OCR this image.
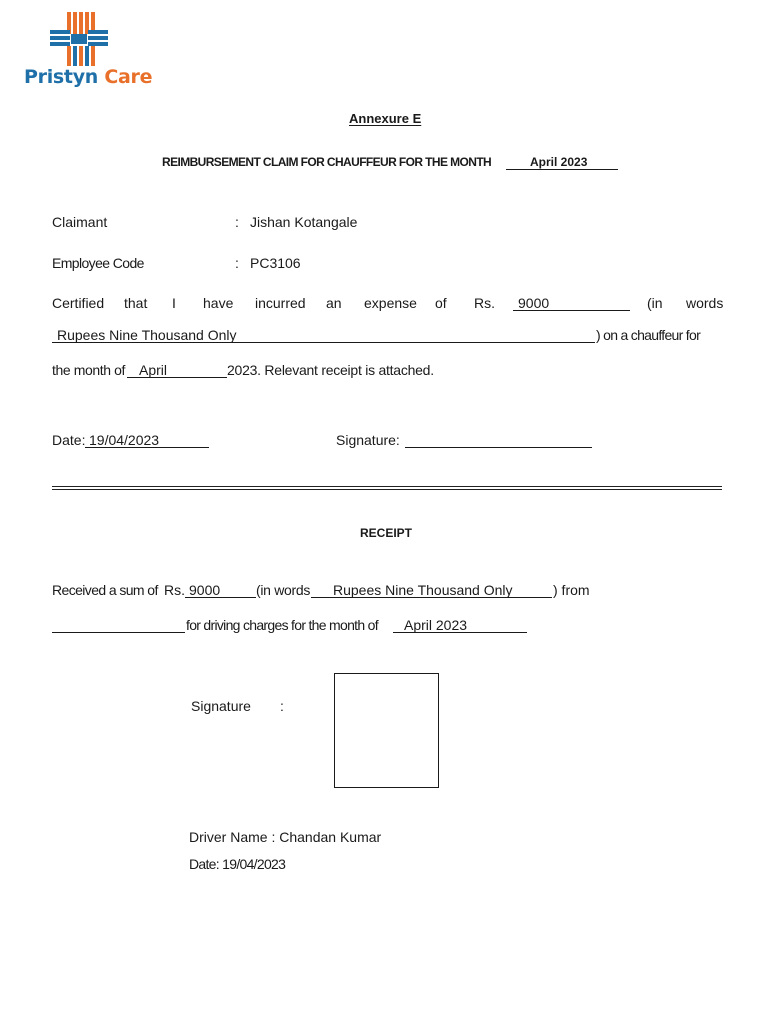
Pristyn Care
Annexure E
REIMBURSEMENT CLAIM FOR CHAUFFEUR FOR THE MONTH	April 2023
Claimant	: Jishan Kotangale
Employee Code	: PC3106
Certified that I have incurred an expense of Rs. 9000	(in words
Rupees Nine Thousand Only	) on a chauffeur for
the month of April	2023. Relevant receipt is attached.
Date: 19/04/2023	Signature:
RECEIPT
Received a sum of Rs. 9000	(in words Rupees Nine Thousand Only	) from
for driving charges for the month of April 2023
Signature :
Driver Name : Chandan Kumar
Date: 19/04/2023
